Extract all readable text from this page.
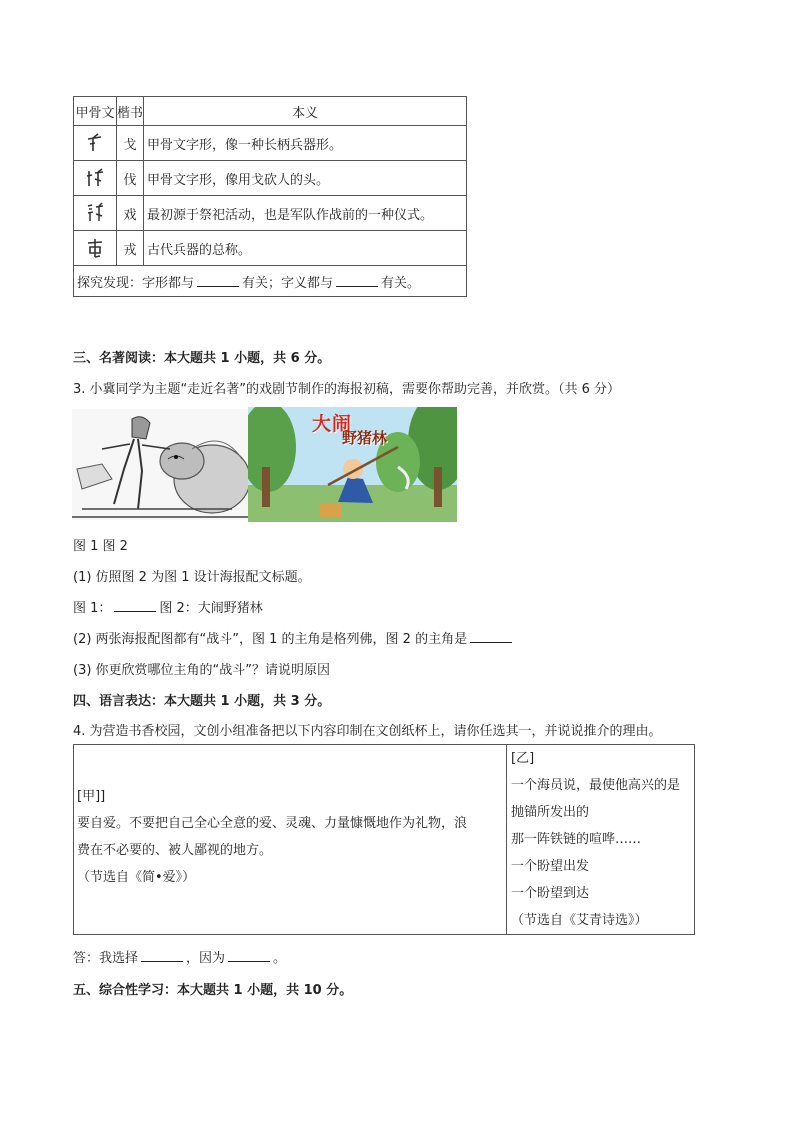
甲骨文	楷书	本义
	戈	甲骨文字形，像一种长柄兵器形。
	伐	甲骨文字形，像用戈砍人的头。
	戏	最初源于祭祀活动，也是军队作战前的一种仪式。
	戎	古代兵器的总称。
探究发现：字形都与 有关；字义都与 有关。		
三、名著阅读：本大题共 1 小题，共 6 分。
3. 小冀同学为主题“走近名著”的戏剧节制作的海报初稿，需要你帮助完善，并欣赏。（共 6 分）
大闹
野猪林
图 1 图 2
(1) 仿照图 2 为图 1 设计海报配文标题。
图 1：	图 2：大闹野猪林
(2) 两张海报配图都有“战斗”，图 1 的主角是格列佛，图 2 的主角是
(3) 你更欣赏哪位主角的“战斗”？请说明原因
四、语言表达：本大题共 1 小题，共 3 分。
4. 为营造书香校园，文创小组准备把以下内容印制在文创纸杯上，请你任选其一，并说说推介的理由。
[甲]]
要自爱。不要把自己全心全意的爱、灵魂、力量慷慨地作为礼物，浪
费在不必要的、被人鄙视的地方。
（节选自《简•爱》）

[乙]
一个海员说，最使他高兴的是
抛锚所发出的
那一阵铁链的喧哗……
一个盼望出发
一个盼望到达
（节选自《艾青诗选》）
答：我选择	，因为	。
五、综合性学习：本大题共 1 小题，共 10 分。
